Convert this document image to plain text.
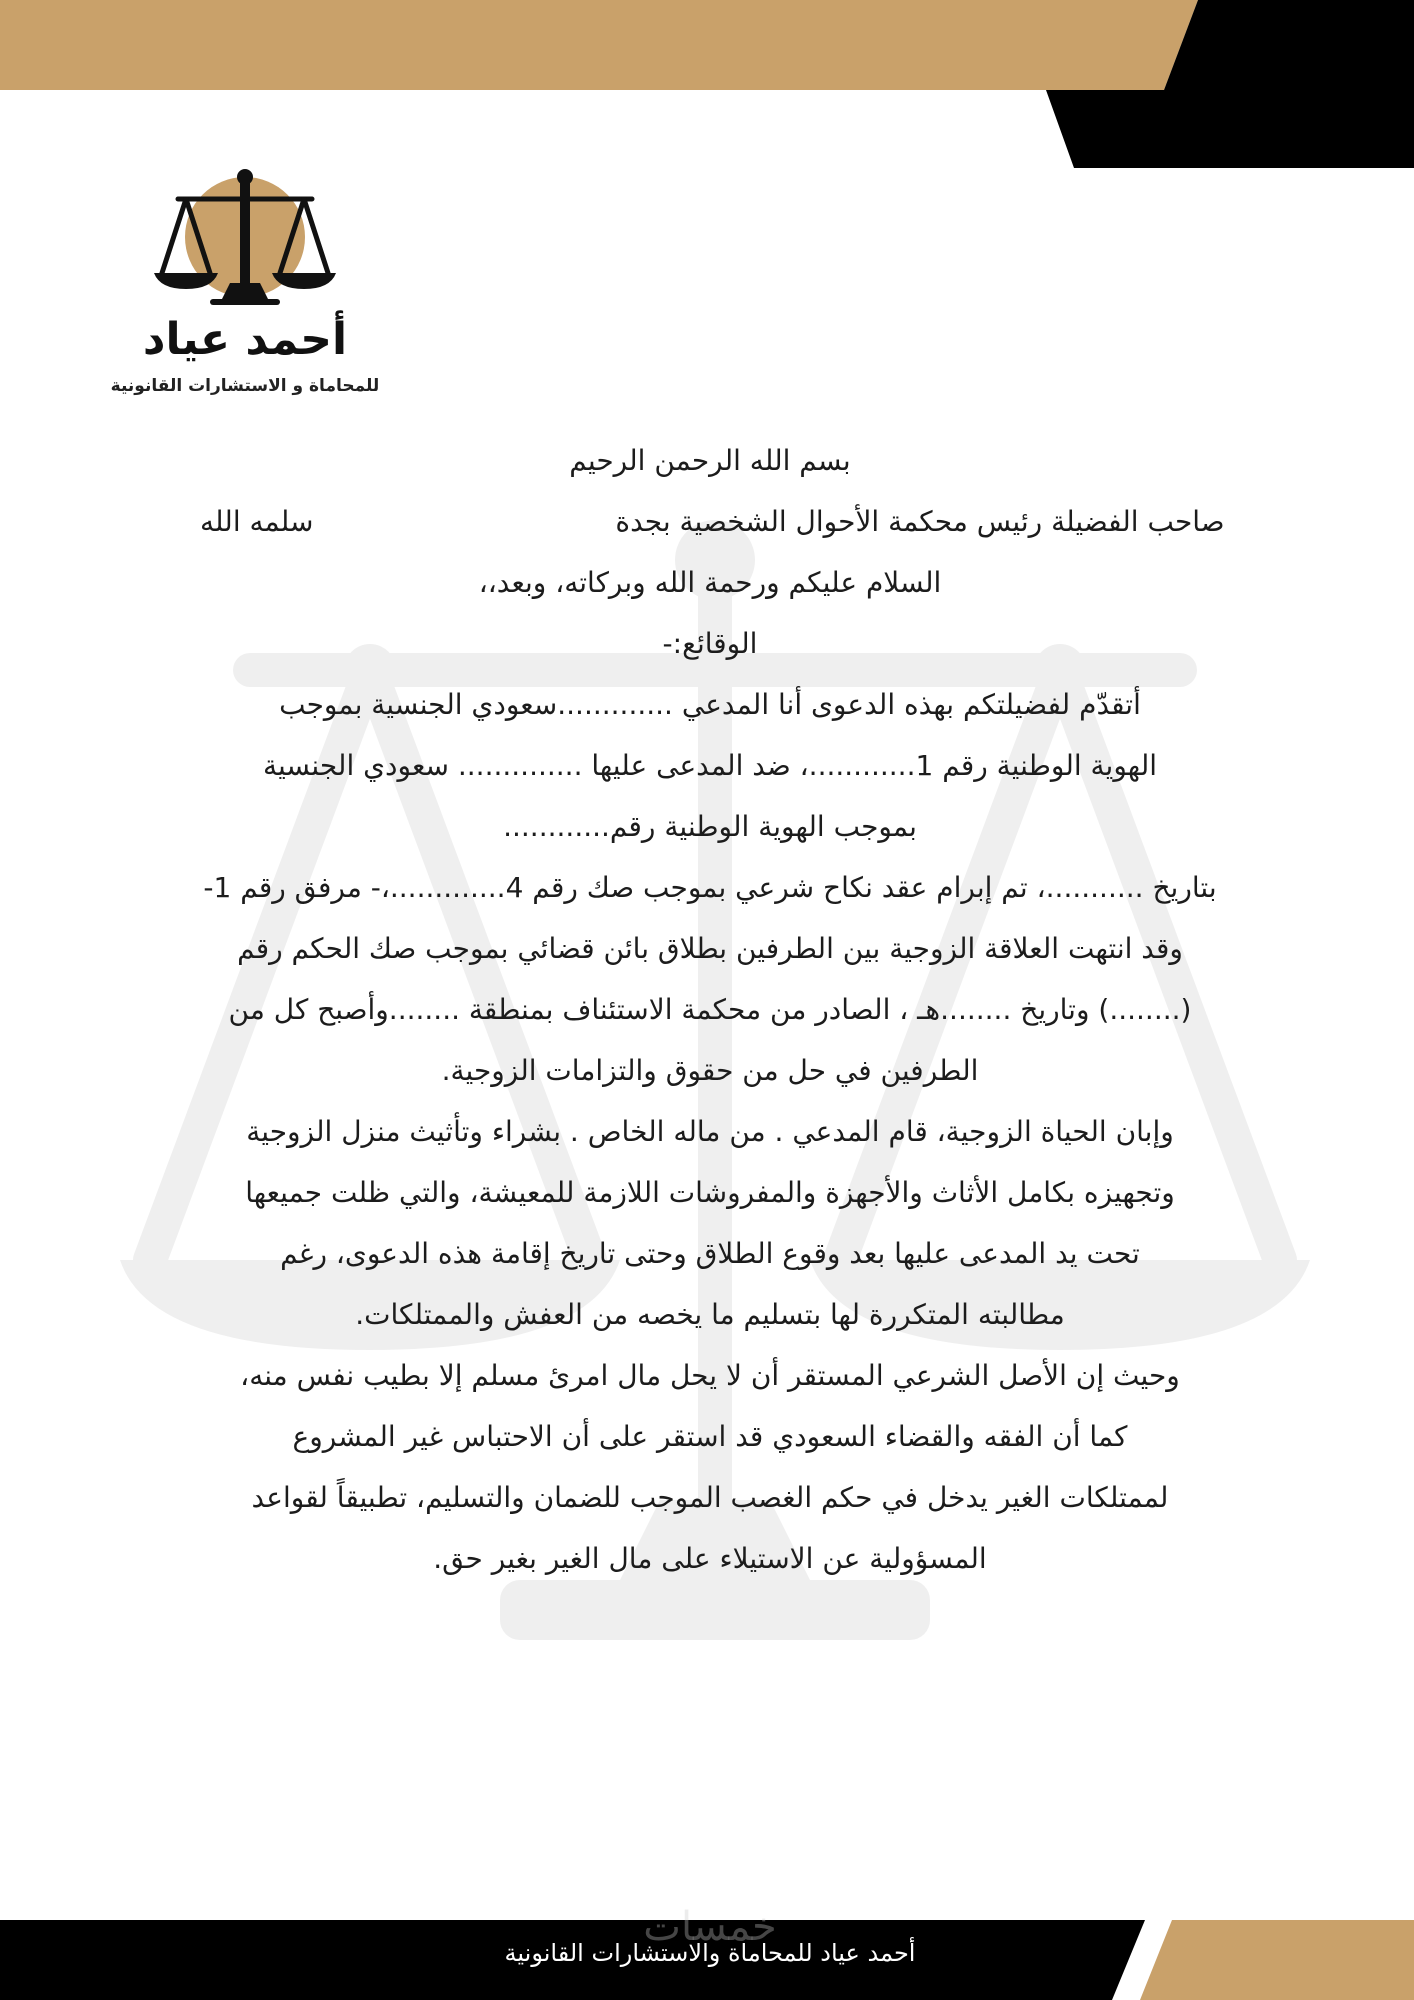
أحمد عياد
للمحاماة و الاستشارات القانونية
بسم الله الرحمن الرحيم
صاحب الفضيلة رئيس محكمة الأحوال الشخصية بجدة
سلمه الله
السلام عليكم ورحمة الله وبركاته، وبعد،،
الوقائع:-
أتقدّم لفضيلتكم بهذه الدعوى أنا المدعي .............سعودي الجنسية بموجب
الهوية الوطنية رقم 1............، ضد المدعى عليها .............. سعودي الجنسية
بموجب الهوية الوطنية رقم............
بتاريخ ...........، تم إبرام عقد نكاح شرعي بموجب صك رقم 4.............،- مرفق رقم 1-
وقد انتهت العلاقة الزوجية بين الطرفين بطلاق بائن قضائي بموجب صك الحكم رقم
(........) وتاريخ ........هـ ، الصادر من محكمة الاستئناف بمنطقة ........وأصبح كل من
الطرفين في حل من حقوق والتزامات الزوجية.
وإبان الحياة الزوجية، قام المدعي . من ماله الخاص . بشراء وتأثيث منزل الزوجية
وتجهيزه بكامل الأثاث والأجهزة والمفروشات اللازمة للمعيشة، والتي ظلت جميعها
تحت يد المدعى عليها بعد وقوع الطلاق وحتى تاريخ إقامة هذه الدعوى، رغم
مطالبته المتكررة لها بتسليم ما يخصه من العفش والممتلكات.
وحيث إن الأصل الشرعي المستقر أن لا يحل مال امرئ مسلم إلا بطيب نفس منه،
كما أن الفقه والقضاء السعودي قد استقر على أن الاحتباس غير المشروع
لممتلكات الغير يدخل في حكم الغصب الموجب للضمان والتسليم، تطبيقاً لقواعد
المسؤولية عن الاستيلاء على مال الغير بغير حق.
خمسات
أحمد عياد للمحاماة والاستشارات القانونية
